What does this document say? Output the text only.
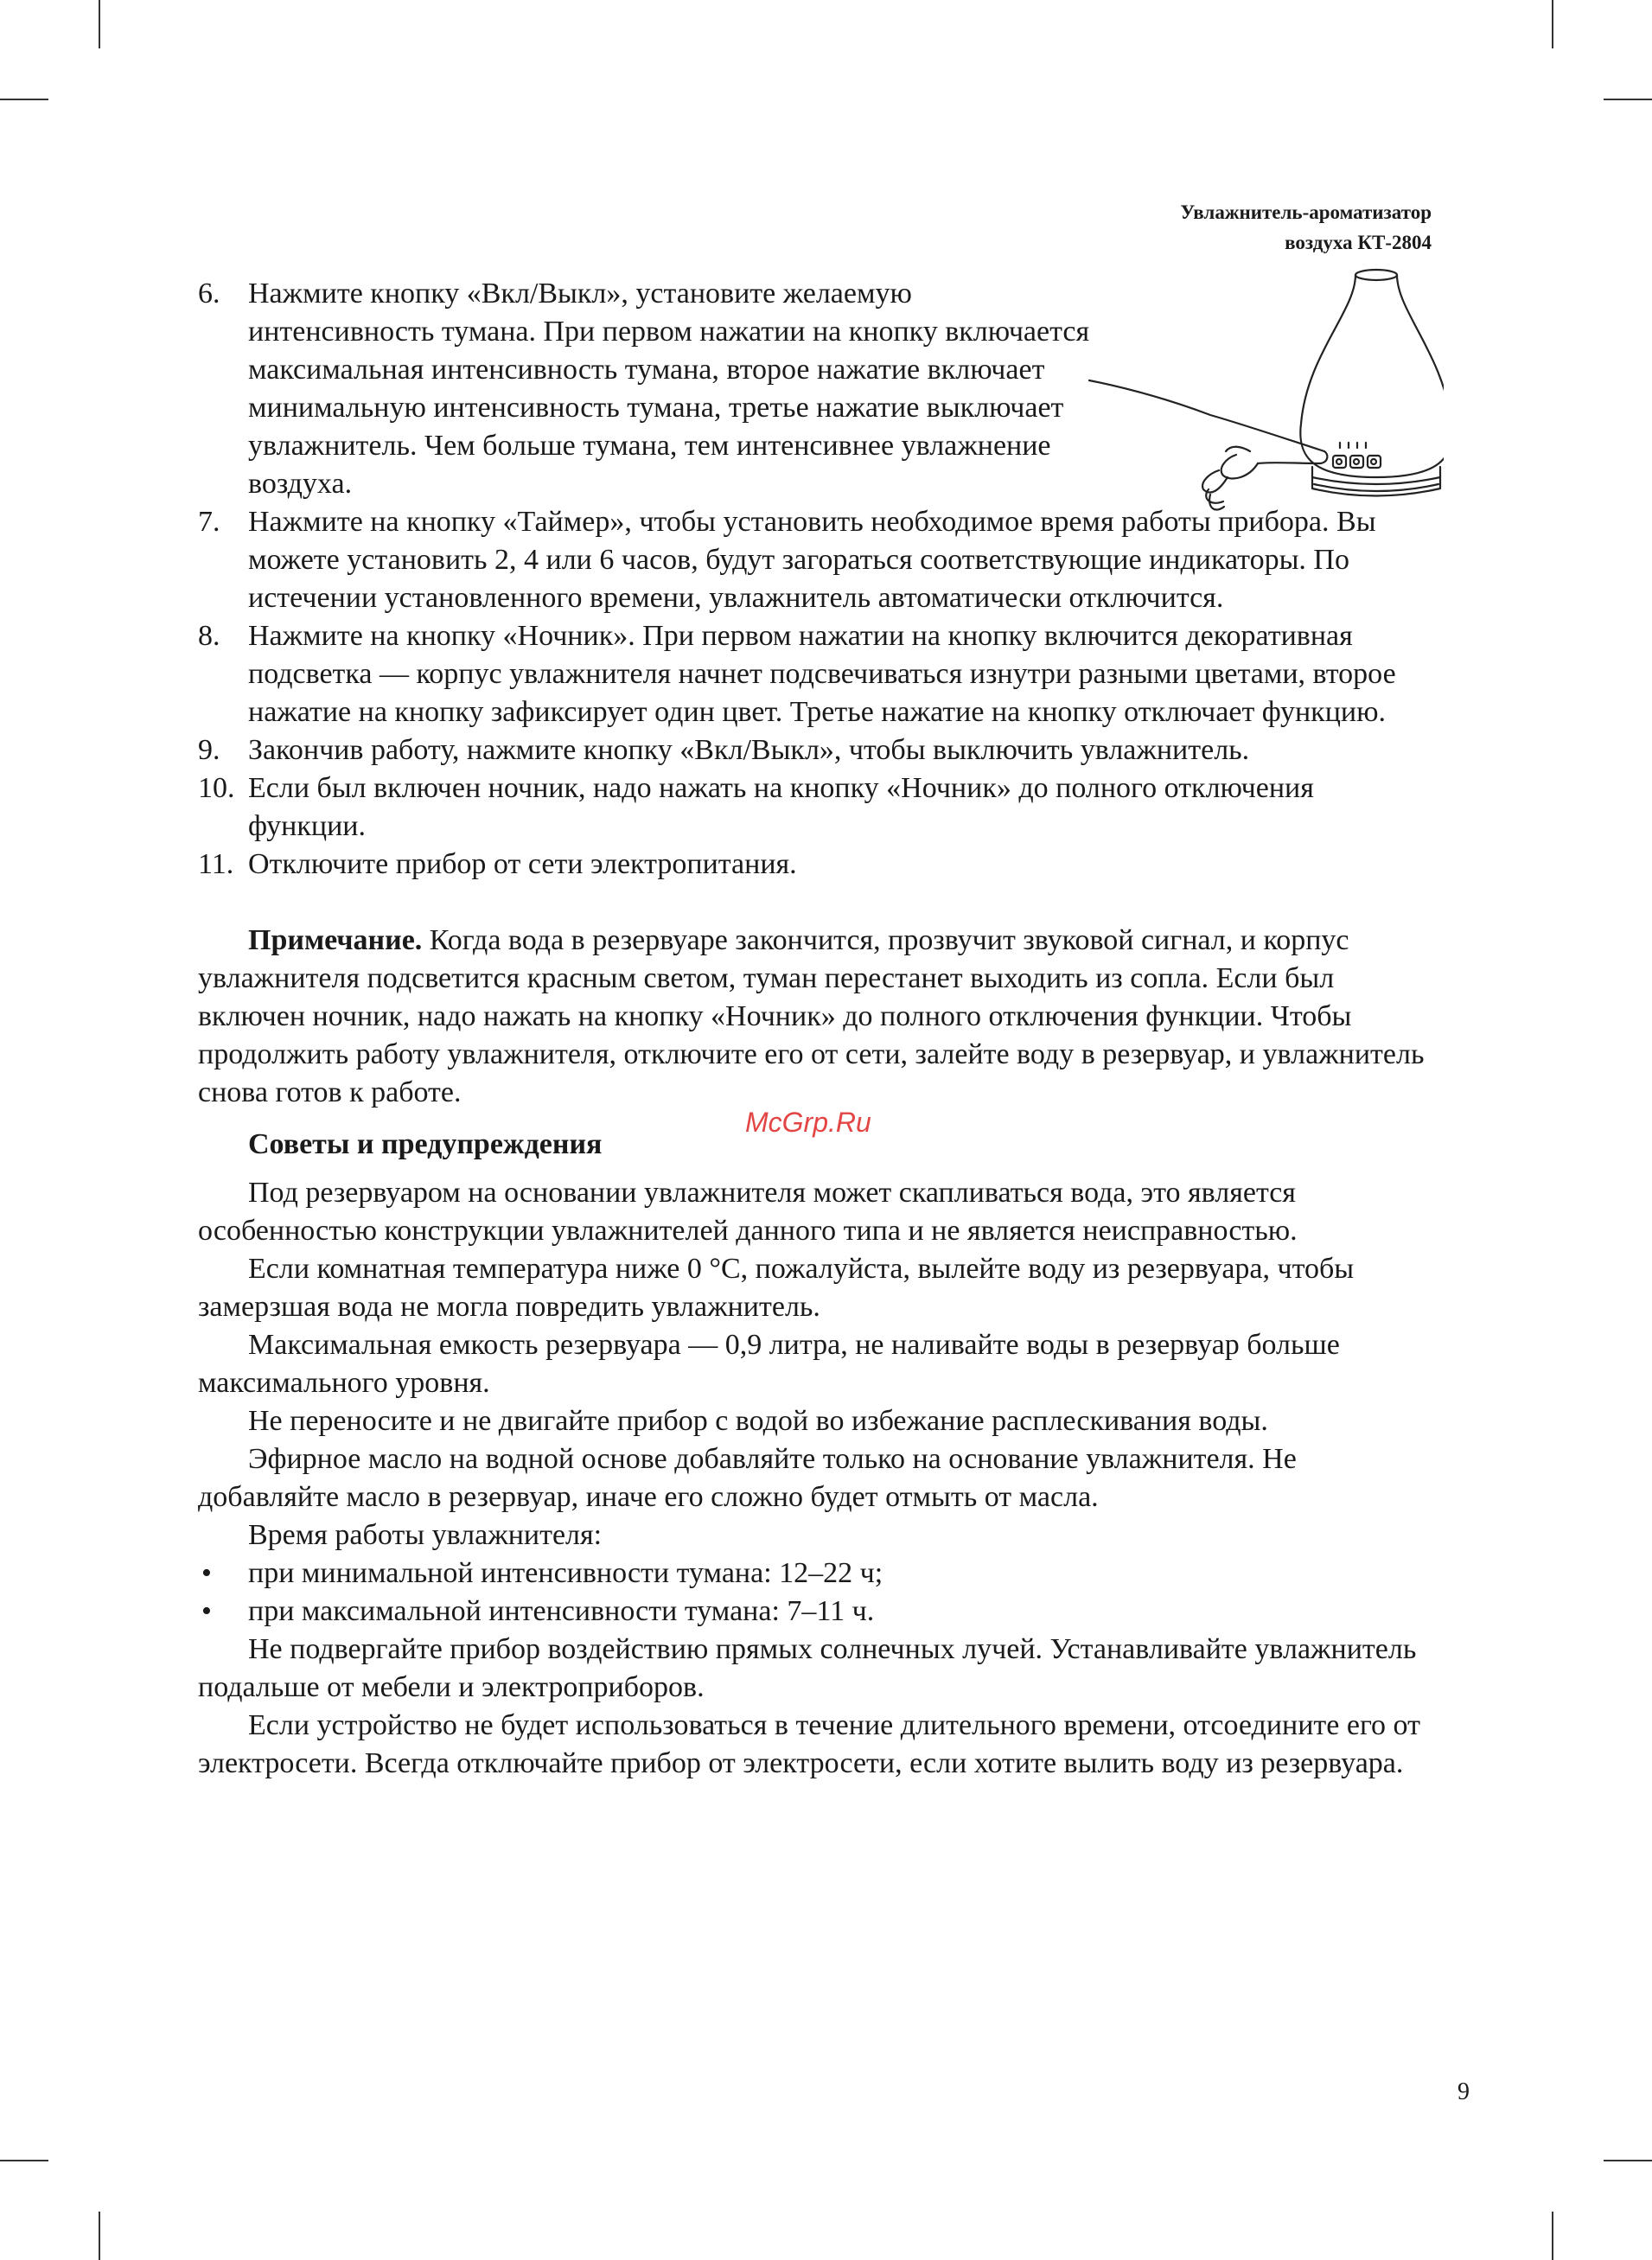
Увлажнитель-ароматизатор
воздуха КТ-2804
6. Нажмите кнопку «Вкл/Выкл», установите желаемую интенсивность тумана. При первом нажатии на кнопку включается максимальная интенсивность тумана, второе нажатие включает минимальную интенсивность тумана, третье нажатие выключает увлажнитель. Чем больше тумана, тем интенсивнее увлажнение воздуха.
7. Нажмите на кнопку «Таймер», чтобы установить необходимое время работы прибора. Вы можете установить 2, 4 или 6 часов, будут загораться соответствующие индикаторы. По истечении установленного времени, увлажнитель автоматически отключится.
8. Нажмите на кнопку «Ночник». При первом нажатии на кнопку включится декоративная подсветка — корпус увлажнителя начнет подсвечиваться изнутри разными цветами, второе нажатие на кнопку зафиксирует один цвет. Третье нажатие на кнопку отключает функцию.
9. Закончив работу, нажмите кнопку «Вкл/Выкл», чтобы выключить увлажнитель.
10. Если был включен ночник, надо нажать на кнопку «Ночник» до полного отключения функции.
11. Отключите прибор от сети электропитания.

Примечание. Когда вода в резервуаре закончится, прозвучит звуковой сигнал, и корпус увлажнителя подсветится красным светом, туман перестанет выходить из сопла. Если был включен ночник, надо нажать на кнопку «Ночник» до полного отключения функции. Чтобы продолжить работу увлажнителя, отключите его от сети, залейте воду в резервуар, и увлажнитель снова готов к работе.

Советы и предупреждения

Под резервуаром на основании увлажнителя может скапливаться вода, это является особенностью конструкции увлажнителей данного типа и не является неисправностью.

Если комнатная температура ниже 0 °C, пожалуйста, вылейте воду из резервуара, чтобы замерзшая вода не могла повредить увлажнитель.

Максимальная емкость резервуара — 0,9 литра, не наливайте воды в резервуар больше максимального уровня.

Не переносите и не двигайте прибор с водой во избежание расплескивания воды.

Эфирное масло на водной основе добавляйте только на основание увлажнителя. Не добавляйте масло в резервуар, иначе его сложно будет отмыть от масла.

Время работы увлажнителя:

• при минимальной интенсивности тумана: 12–22 ч;
• при максимальной интенсивности тумана: 7–11 ч.

Не подвергайте прибор воздействию прямых солнечных лучей. Устанавливайте увлажнитель подальше от мебели и электроприборов.

Если устройство не будет использоваться в течение длительного времени, отсоедините его от электросети. Всегда отключайте прибор от электросети, если хотите вылить воду из резервуара.

McGrp.Ru
9
